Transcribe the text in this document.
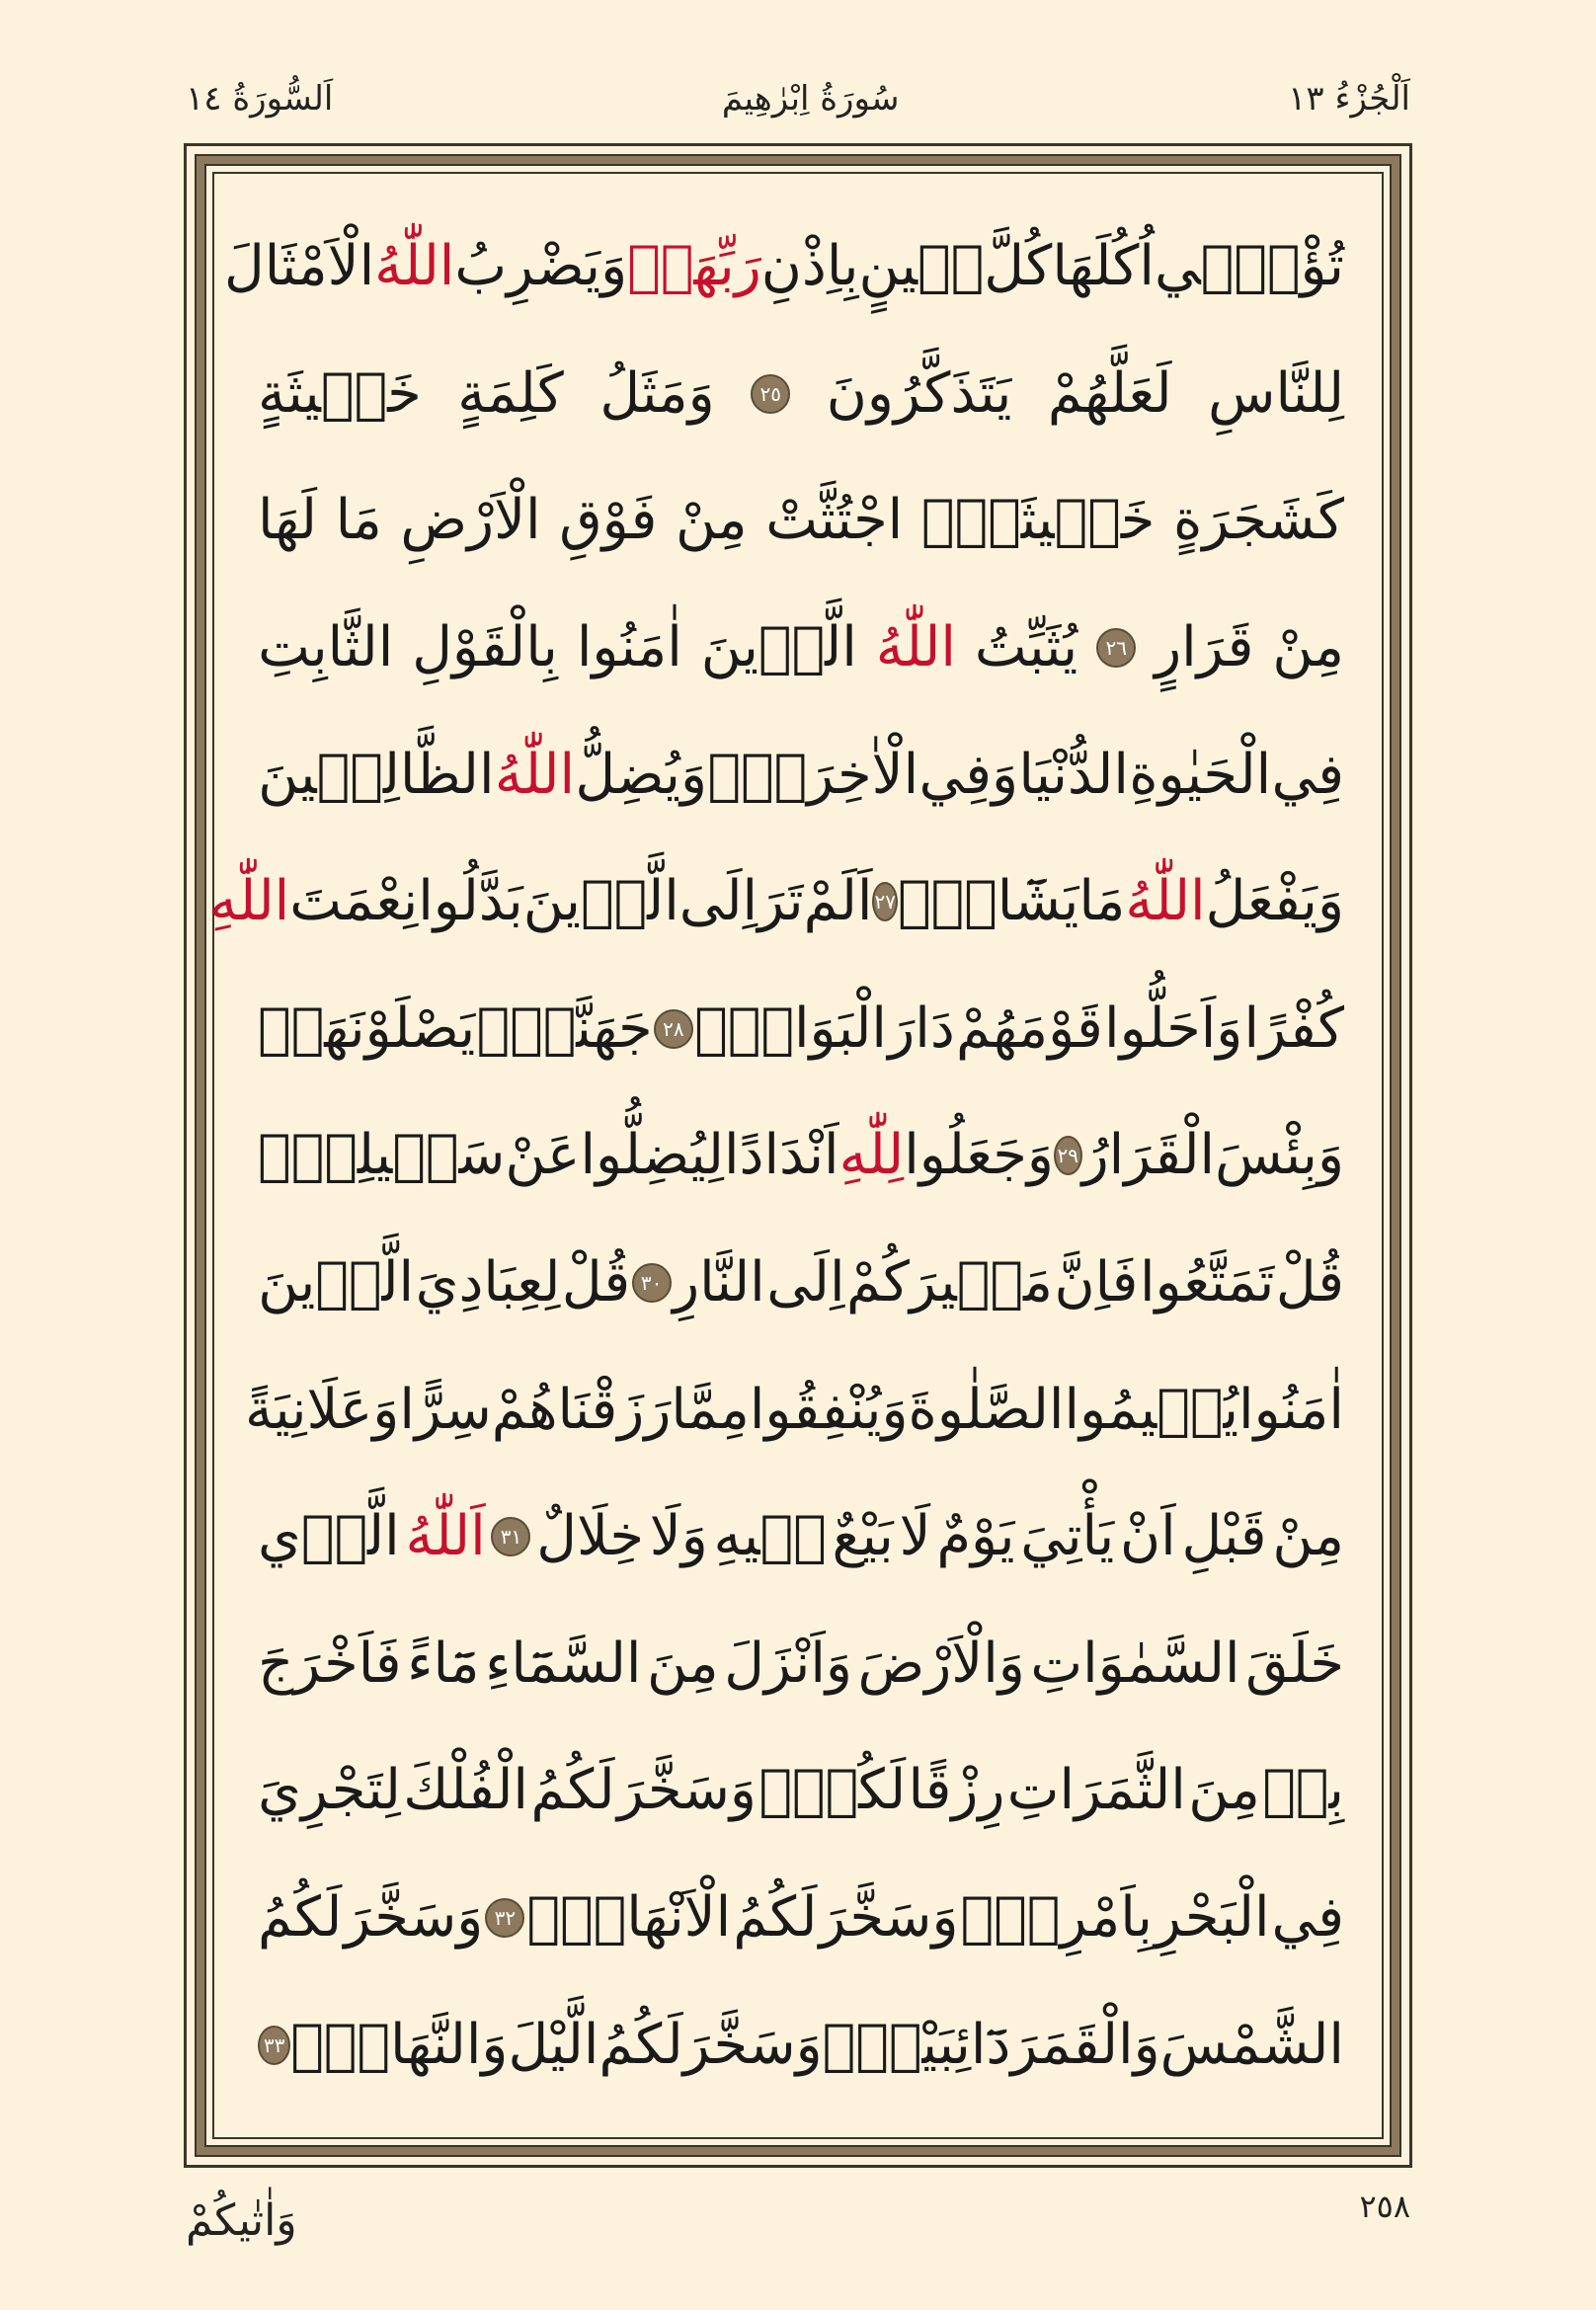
اَلْجُزْءُ ١٣
سُورَةُ اِبْرٰهِيمَ
اَلسُّورَةُ ١٤
تُؤْتٖٓي
اُكُلَهَا
كُلَّ
حٖينٍ
بِاِذْنِ
رَبِّهَاۜ
وَيَضْرِبُ
اللّٰهُ
الْاَمْثَالَ
لِلنَّاسِ
لَعَلَّهُمْ
يَتَذَكَّرُونَ
٢٥
وَمَثَلُ
كَلِمَةٍ
خَبٖيثَةٍ
كَشَجَرَةٍ
خَبٖيثَةِۨ
اجْتُثَّتْ
مِنْ
فَوْقِ
الْاَرْضِ
مَا
لَهَا
مِنْ
قَرَارٍ
٢٦
يُثَبِّتُ
اللّٰهُ
الَّذٖينَ
اٰمَنُوا
بِالْقَوْلِ
الثَّابِتِ
فِي
الْحَيٰوةِ
الدُّنْيَا
وَفِي
الْاٰخِرَةِۚ
وَيُضِلُّ
اللّٰهُ
الظَّالِمٖينَ
وَيَفْعَلُ
اللّٰهُ
مَا
يَشَٓاءُ۟
٢٧
اَلَمْ
تَرَ
اِلَى
الَّذٖينَ
بَدَّلُوا
نِعْمَتَ
اللّٰهِ
كُفْرًا
وَاَحَلُّوا
قَوْمَهُمْ
دَارَ
الْبَوَارِۙ
٢٨
جَهَنَّمَۚ
يَصْلَوْنَهَاۜ
وَبِئْسَ
الْقَرَارُ
٢٩
وَجَعَلُوا
لِلّٰهِ
اَنْدَادًا
لِيُضِلُّوا
عَنْ
سَبٖيلِهٖۜ
قُلْ
تَمَتَّعُوا
فَاِنَّ
مَصٖيرَكُمْ
اِلَى
النَّارِ
٣٠
قُلْ
لِعِبَادِيَ
الَّذٖينَ
اٰمَنُوا
يُقٖيمُوا
الصَّلٰوةَ
وَيُنْفِقُوا
مِمَّا
رَزَقْنَاهُمْ
سِرًّا
وَعَلَانِيَةً
مِنْ
قَبْلِ
اَنْ
يَأْتِيَ
يَوْمٌ
لَا
بَيْعٌ
فٖيهِ
وَلَا
خِلَالٌ
٣١
اَللّٰهُ
الَّذٖي
خَلَقَ
السَّمٰوَاتِ
وَالْاَرْضَ
وَاَنْزَلَ
مِنَ
السَّمَٓاءِ
مَٓاءً
فَاَخْرَجَ
بِهٖ
مِنَ
الثَّمَرَاتِ
رِزْقًا
لَكُمْۚ
وَسَخَّرَ
لَكُمُ
الْفُلْكَ
لِتَجْرِيَ
فِي
الْبَحْرِ
بِاَمْرِهٖۚ
وَسَخَّرَ
لَكُمُ
الْاَنْهَارَۚ
٣٢
وَسَخَّرَ
لَكُمُ
الشَّمْسَ
وَالْقَمَرَ
دَٓائِبَيْنِۚ
وَسَخَّرَ
لَكُمُ
الَّيْلَ
وَالنَّهَارَۚ
٣٣
٢٥٨
وَاٰتٰيكُمْ
